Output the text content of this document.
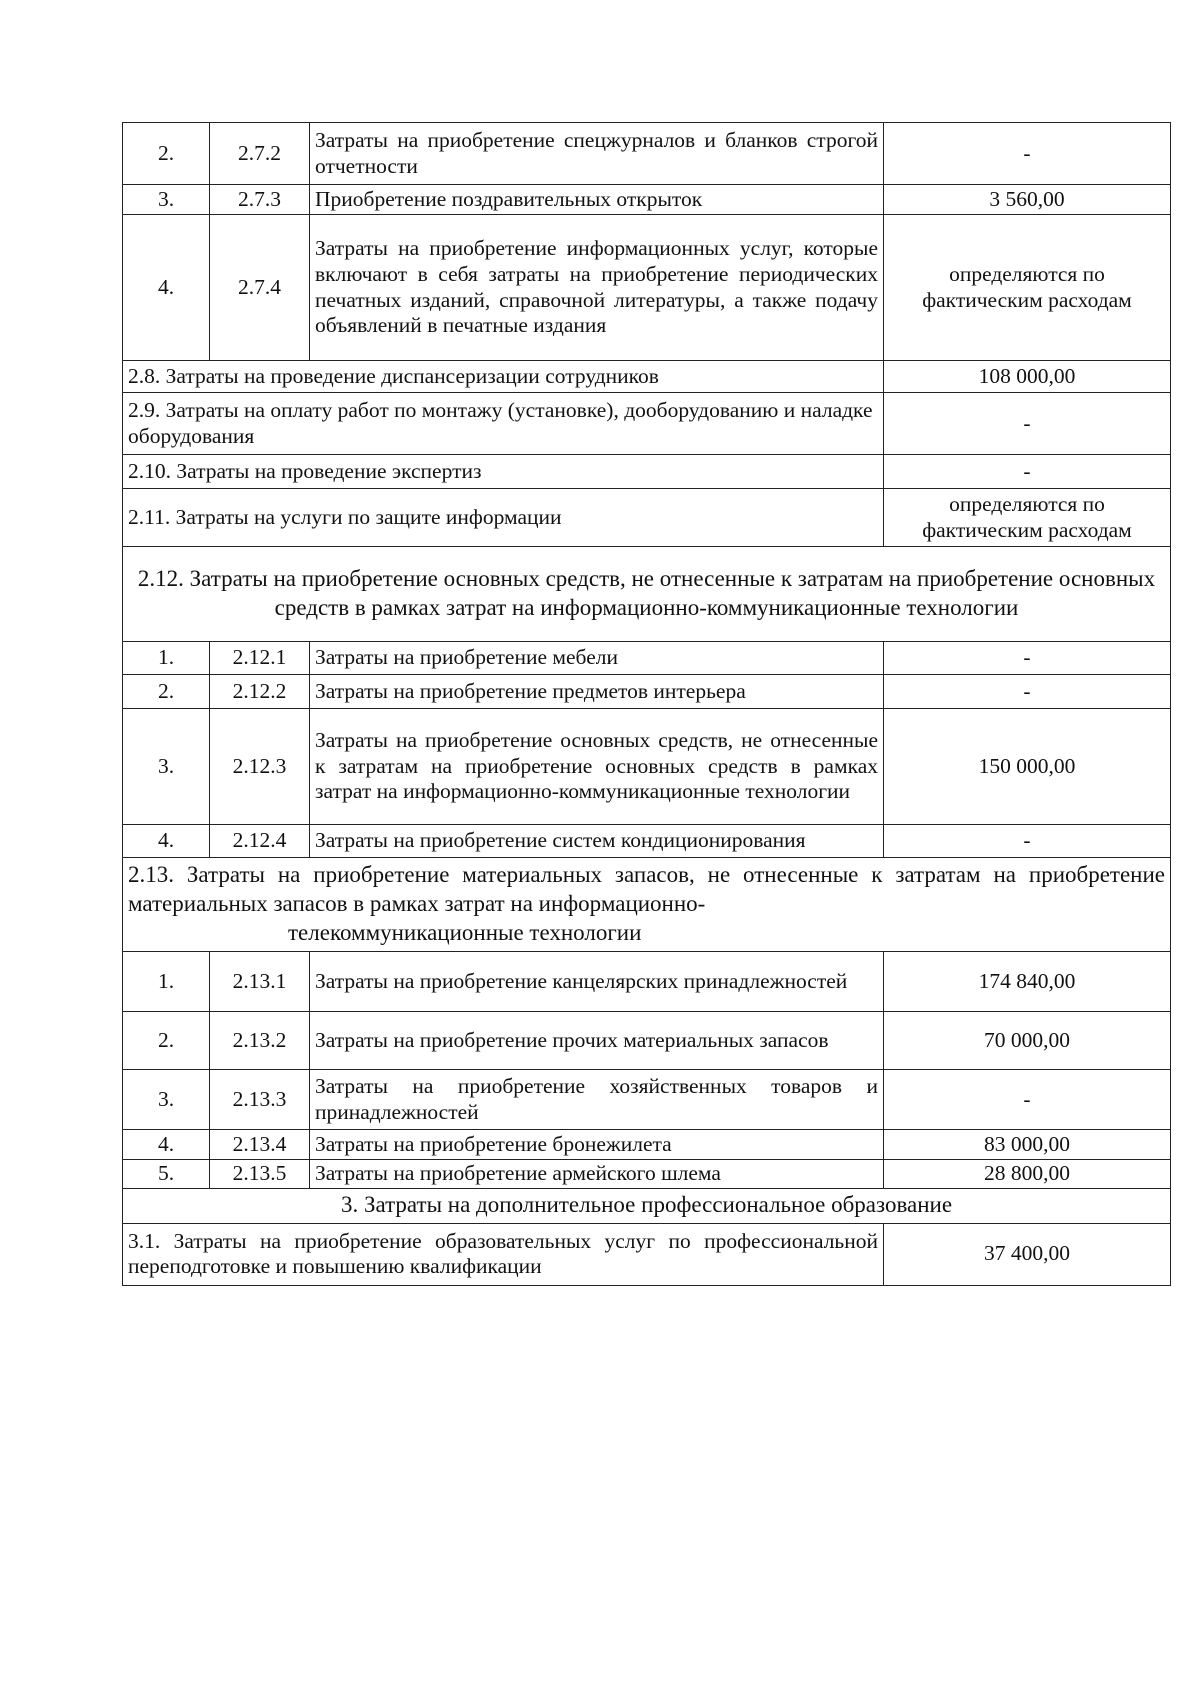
2.	2.7.2	Затраты на приобретение спецжурналов и бланков строгой отчетности	-
3.	2.7.3	Приобретение поздравительных открыток	3 560,00
4.	2.7.4	Затраты на приобретение информационных услуг, которые включают в себя затраты на приобретение периодических печатных изданий, справочной литературы, а также подачу объявлений в печатные издания	определяются по фактическим расходам
2.8. Затраты на проведение диспансеризации сотрудников			108 000,00
2.9. Затраты на оплату работ по монтажу (установке), дооборудованию и наладке оборудования			-
2.10. Затраты на проведение экспертиз			-
2.11. Затраты на услуги по защите информации			определяются по фактическим расходам
2.12. Затраты на приобретение основных средств, не отнесенные к затратам на приобретение основных средств в рамках затрат на информационно-коммуникационные технологии			
1.	2.12.1	Затраты на приобретение мебели	-
2.	2.12.2	Затраты на приобретение предметов интерьера	-
3.	2.12.3	Затраты на приобретение основных средств, не отнесенные к затратам на приобретение основных средств в рамках затрат на информационно-коммуникационные технологии	150 000,00
4.	2.12.4	Затраты на приобретение систем кондиционирования	-
2.13. Затраты на приобретение материальных запасов, не отнесенные к затратам на приобретение материальных запасов в рамках затрат на информационно-
телекоммуникационные технологии			

1.	2.13.1	Затраты на приобретение канцелярских принадлежностей	174 840,00
2.	2.13.2	Затраты на приобретение прочих материальных запасов	70 000,00
3.	2.13.3	Затраты на приобретение хозяйственных товаров и принадлежностей	-
4.	2.13.4	Затраты на приобретение бронежилета	83 000,00
5.	2.13.5	Затраты на приобретение армейского шлема	28 800,00
3. Затраты на дополнительное профессиональное образование			
3.1. Затраты на приобретение образовательных услуг по профессиональной переподготовке и повышению квалификации			37 400,00
